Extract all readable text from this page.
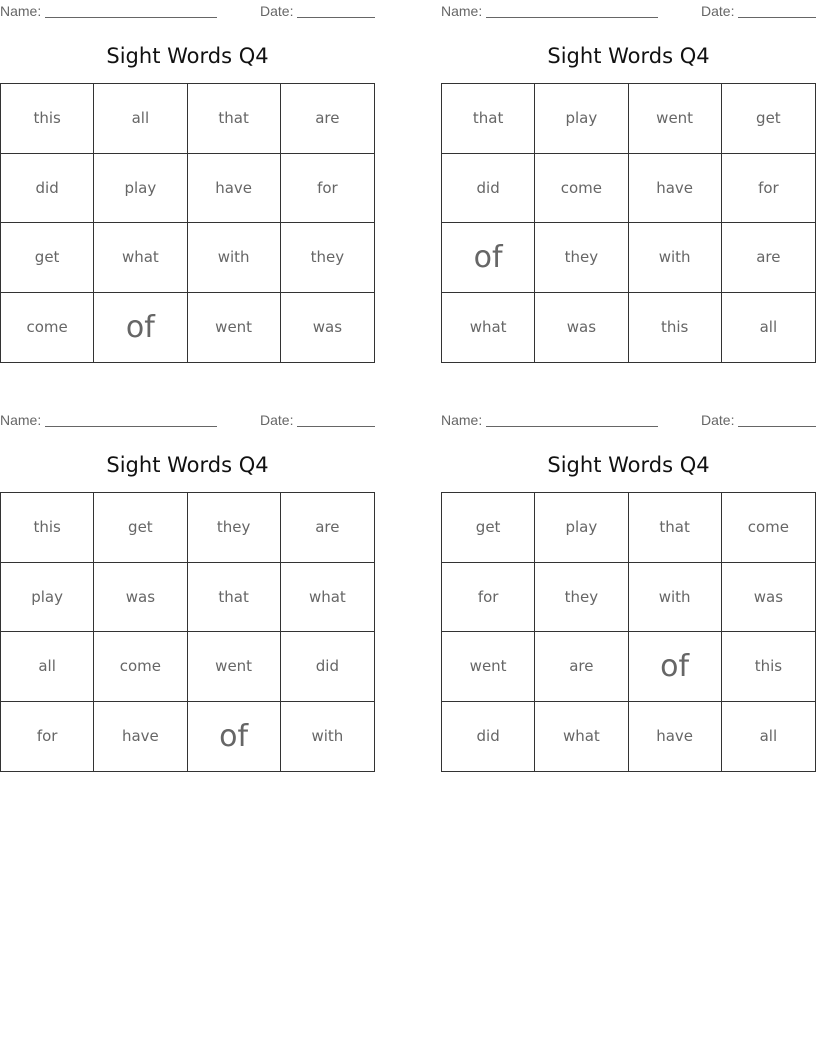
Name:	Date:
Sight Words Q4
this	all	that	are
did	play	have	for
get	what	with	they
come	of	went	was
Name:	Date:
Sight Words Q4
that	play	went	get
did	come	have	for
of	they	with	are
what	was	this	all
Name:	Date:
Sight Words Q4
this	get	they	are
play	was	that	what
all	come	went	did
for	have	of	with
Name:	Date:
Sight Words Q4
get	play	that	come
for	they	with	was
went	are	of	this
did	what	have	all
